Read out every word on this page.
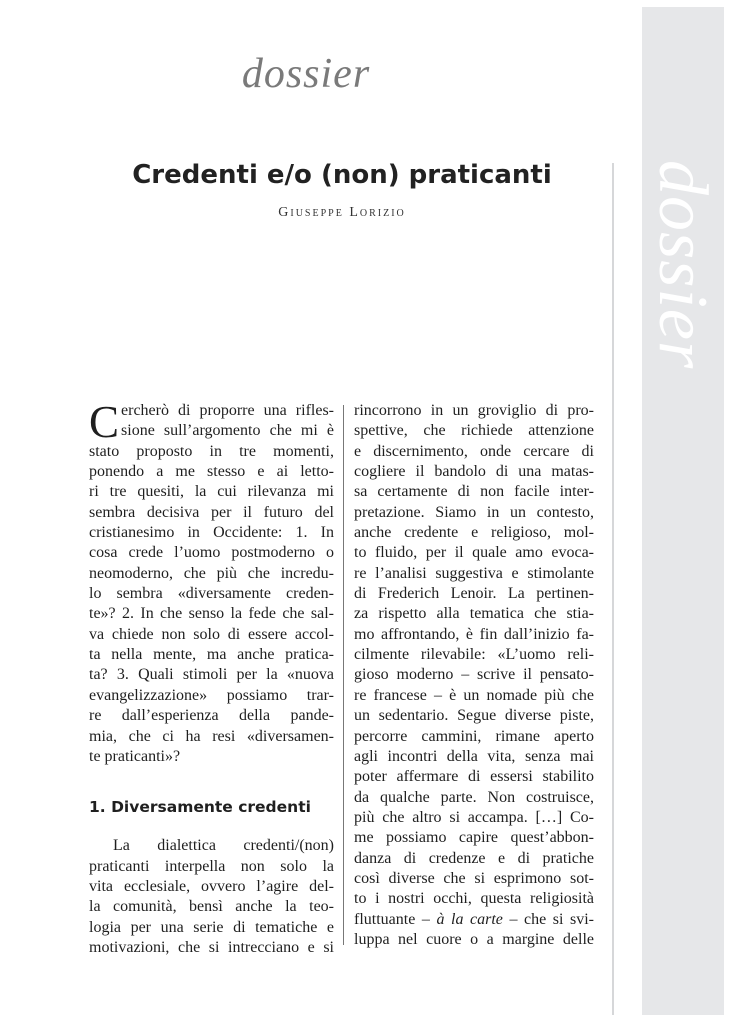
dossier
dossier
Credenti e/o (non) praticanti
Giuseppe Lorizio
C ercherò di proporre una rifles-
sione sull’argomento che mi è
stato proposto in tre momenti,
ponendo a me stesso e ai letto-
ri tre quesiti, la cui rilevanza mi
sembra decisiva per il futuro del
cristianesimo in Occidente: 1. In
cosa crede l’uomo postmoderno o
neomoderno, che più che incredu-
lo sembra «diversamente creden-
te»? 2. In che senso la fede che sal-
va chiede non solo di essere accol-
ta nella mente, ma anche pratica-
ta? 3. Quali stimoli per la «nuova
evangelizzazione» possiamo trar-
re dall’esperienza della pande-
mia, che ci ha resi «diversamen-
te praticanti»?
1. Diversamente credenti
La dialettica credenti/(non)
praticanti interpella non solo la
vita ecclesiale, ovvero l’agire del-
la comunità, bensì anche la teo-
logia per una serie di tematiche e
motivazioni, che si intrecciano e si
rincorrono in un groviglio di pro-
spettive, che richiede attenzione
e discernimento, onde cercare di
cogliere il bandolo di una matas-
sa certamente di non facile inter-
pretazione. Siamo in un contesto,
anche credente e religioso, mol-
to fluido, per il quale amo evoca-
re l’analisi suggestiva e stimolante
di Frederich Lenoir. La pertinen-
za rispetto alla tematica che stia-
mo affrontando, è fin dall’inizio fa-
cilmente rilevabile: «L’uomo reli-
gioso moderno – scrive il pensato-
re francese – è un nomade più che
un sedentario. Segue diverse piste,
percorre cammini, rimane aperto
agli incontri della vita, senza mai
poter affermare di essersi stabilito
da qualche parte. Non costruisce,
più che altro si accampa. […] Co-
me possiamo capire quest’abbon-
danza di credenze e di pratiche
così diverse che si esprimono sot-
to i nostri occhi, questa religiosità
fluttuante – à la carte – che si svi-
luppa nel cuore o a margine delle
